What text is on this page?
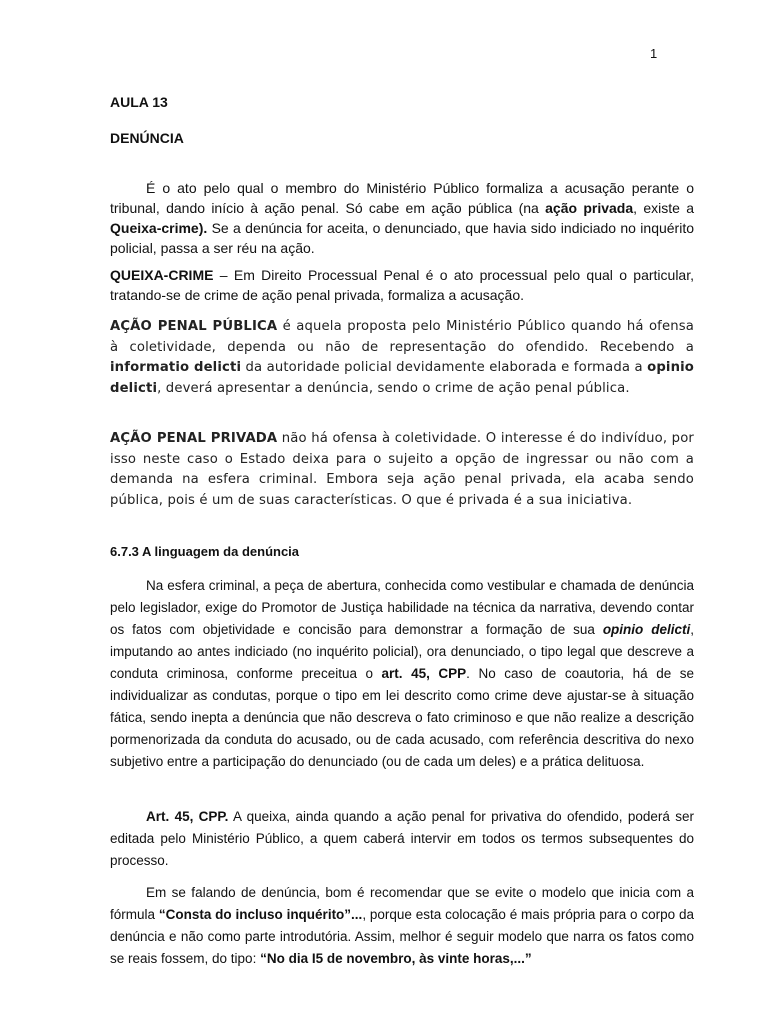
1
AULA 13
DENÚNCIA

É o ato pelo qual o membro do Ministério Público formaliza a acusação perante o tribunal, dando início à ação penal. Só cabe em ação pública (na ação privada, existe a Queixa-crime). Se a denúncia for aceita, o denunciado, que havia sido indiciado no inquérito policial, passa a ser réu na ação.

QUEIXA-CRIME – Em Direito Processual Penal é o ato processual pelo qual o particular, tratando-se de crime de ação penal privada, formaliza a acusação.

AÇÃO PENAL PÚBLICA é aquela proposta pelo Ministério Público quando há ofensa à coletividade, dependa ou não de representação do ofendido. Recebendo a informatio delicti da autoridade policial devidamente elaborada e formada a opinio delicti, deverá apresentar a denúncia, sendo o crime de ação penal pública.

AÇÃO PENAL PRIVADA não há ofensa à coletividade. O interesse é do indivíduo, por isso neste caso o Estado deixa para o sujeito a opção de ingressar ou não com a demanda na esfera criminal. Embora seja ação penal privada, ela acaba sendo pública, pois é um de suas características. O que é privada é a sua iniciativa.

6.7.3 A linguagem da denúncia

Na esfera criminal, a peça de abertura, conhecida como vestibular e chamada de denúncia pelo legislador, exige do Promotor de Justiça habilidade na técnica da narrativa, devendo contar os fatos com objetividade e concisão para demonstrar a formação de sua opinio delicti, imputando ao antes indiciado (no inquérito policial), ora denunciado, o tipo legal que descreve a conduta criminosa, conforme preceitua o art. 45, CPP. No caso de coautoria, há de se individualizar as condutas, porque o tipo em lei descrito como crime deve ajustar-se à situação fática, sendo inepta a denúncia que não descreva o fato criminoso e que não realize a descrição pormenorizada da conduta do acusado, ou de cada acusado, com referência descritiva do nexo subjetivo entre a participação do denunciado (ou de cada um deles) e a prática delituosa.

Art. 45, CPP. A queixa, ainda quando a ação penal for privativa do ofendido, poderá ser editada pelo Ministério Público, a quem caberá intervir em todos os termos subsequentes do processo.

Em se falando de denúncia, bom é recomendar que se evite o modelo que inicia com a fórmula “Consta do incluso inquérito”..., porque esta colocação é mais própria para o corpo da denúncia e não como parte introdutória. Assim, melhor é seguir modelo que narra os fatos como se reais fossem, do tipo: “No dia I5 de novembro, às vinte horas,...”
